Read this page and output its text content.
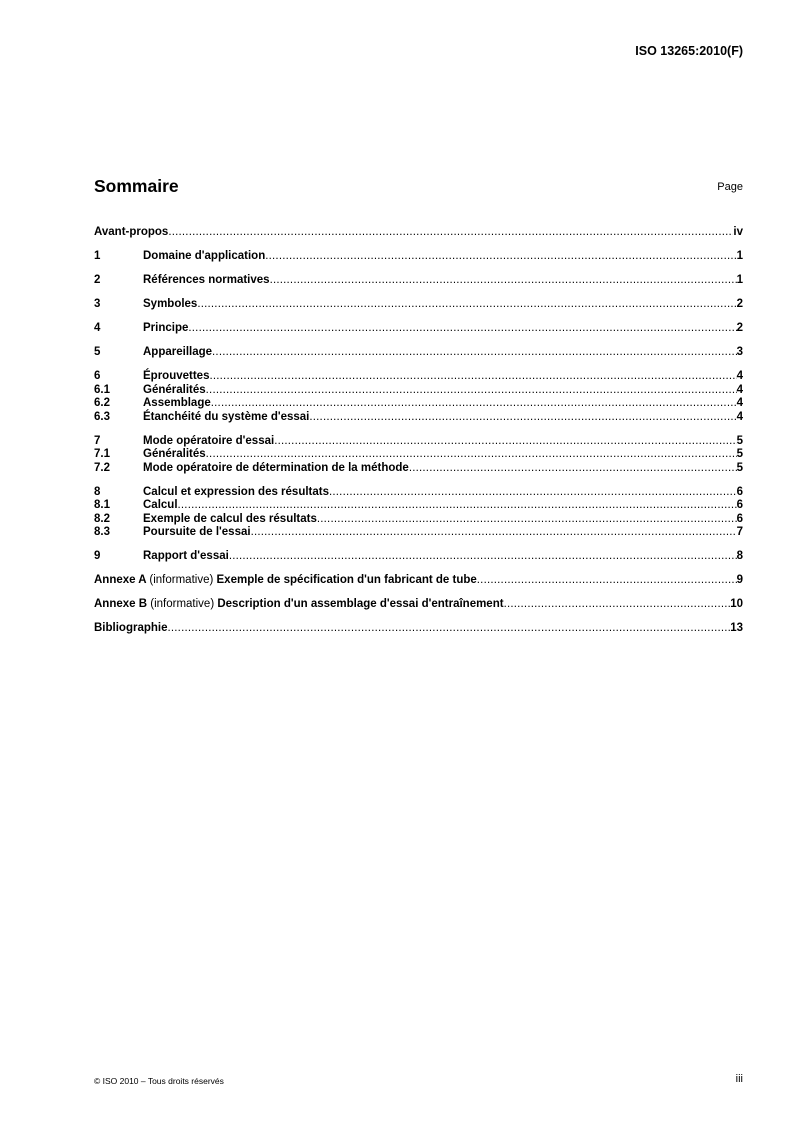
ISO 13265:2010(F)
Sommaire	Page
Avant-propos .....	iv
1	Domaine d'application .....	1
2	Références normatives .....	1
3	Symboles .....	2
4	Principe .....	2
5	Appareillage .....	3
6	Éprouvettes .....	4
6.1	Généralités .....	4
6.2	Assemblage .....	4
6.3	Étanchéité du système d'essai .....	4
7	Mode opératoire d'essai .....	5
7.1	Généralités .....	5
7.2	Mode opératoire de détermination de la méthode .....	5
8	Calcul et expression des résultats .....	6
8.1	Calcul .....	6
8.2	Exemple de calcul des résultats .....	6
8.3	Poursuite de l'essai .....	7
9	Rapport d'essai .....	8
Annexe A (informative) Exemple de spécification d'un fabricant de tube .....	9
Annexe B (informative) Description d'un assemblage d'essai d'entraînement .....	10
Bibliographie .....	13
© ISO 2010 – Tous droits réservés	iii
